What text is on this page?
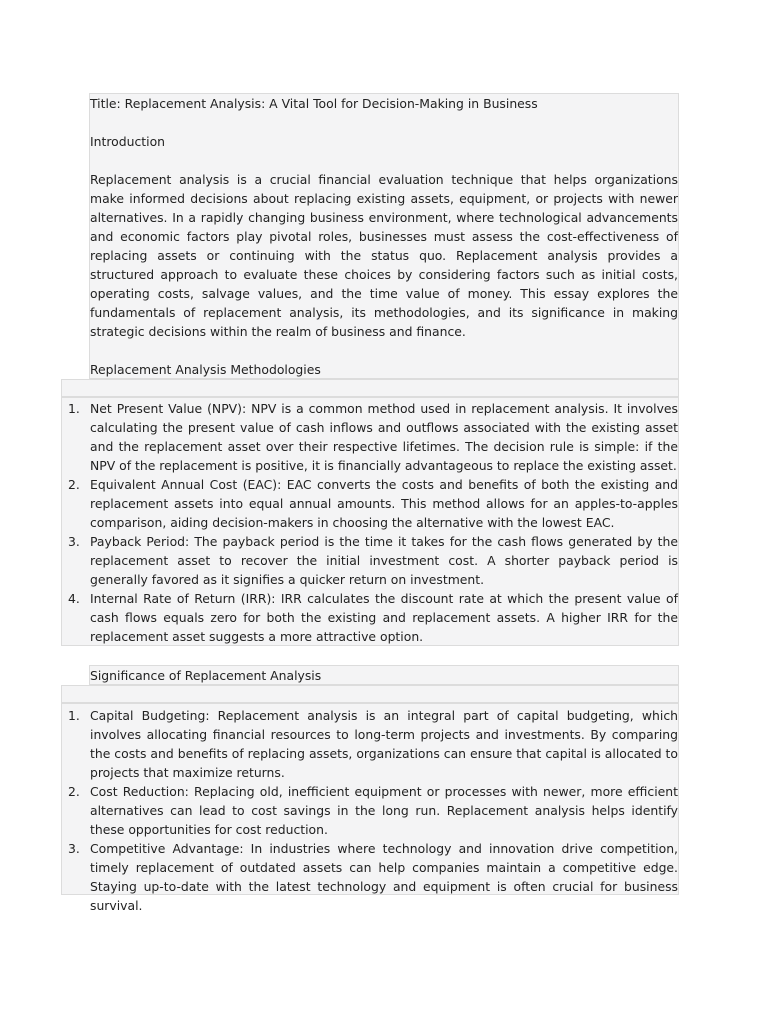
Title: Replacement Analysis: A Vital Tool for Decision-Making in Business

Introduction

Replacement analysis is a crucial financial evaluation technique that helps organizations make informed decisions about replacing existing assets, equipment, or projects with newer alternatives. In a rapidly changing business environment, where technological advancements and economic factors play pivotal roles, businesses must assess the cost-effectiveness of replacing assets or continuing with the status quo. Replacement analysis provides a structured approach to evaluate these choices by considering factors such as initial costs, operating costs, salvage values, and the time value of money. This essay explores the fundamentals of replacement analysis, its methodologies, and its significance in making strategic decisions within the realm of business and finance.

Replacement Analysis Methodologies

1. Net Present Value (NPV): NPV is a common method used in replacement analysis. It involves calculating the present value of cash inflows and outflows associated with the existing asset and the replacement asset over their respective lifetimes. The decision rule is simple: if the NPV of the replacement is positive, it is financially advantageous to replace the existing asset.
2. Equivalent Annual Cost (EAC): EAC converts the costs and benefits of both the existing and replacement assets into equal annual amounts. This method allows for an apples-to-apples comparison, aiding decision-makers in choosing the alternative with the lowest EAC.
3. Payback Period: The payback period is the time it takes for the cash flows generated by the replacement asset to recover the initial investment cost. A shorter payback period is generally favored as it signifies a quicker return on investment.
4. Internal Rate of Return (IRR): IRR calculates the discount rate at which the present value of cash flows equals zero for both the existing and replacement assets. A higher IRR for the replacement asset suggests a more attractive option.

Significance of Replacement Analysis

1. Capital Budgeting: Replacement analysis is an integral part of capital budgeting, which involves allocating financial resources to long-term projects and investments. By comparing the costs and benefits of replacing assets, organizations can ensure that capital is allocated to projects that maximize returns.
2. Cost Reduction: Replacing old, inefficient equipment or processes with newer, more efficient alternatives can lead to cost savings in the long run. Replacement analysis helps identify these opportunities for cost reduction.
3. Competitive Advantage: In industries where technology and innovation drive competition, timely replacement of outdated assets can help companies maintain a competitive edge. Staying up-to-date with the latest technology and equipment is often crucial for business survival.
